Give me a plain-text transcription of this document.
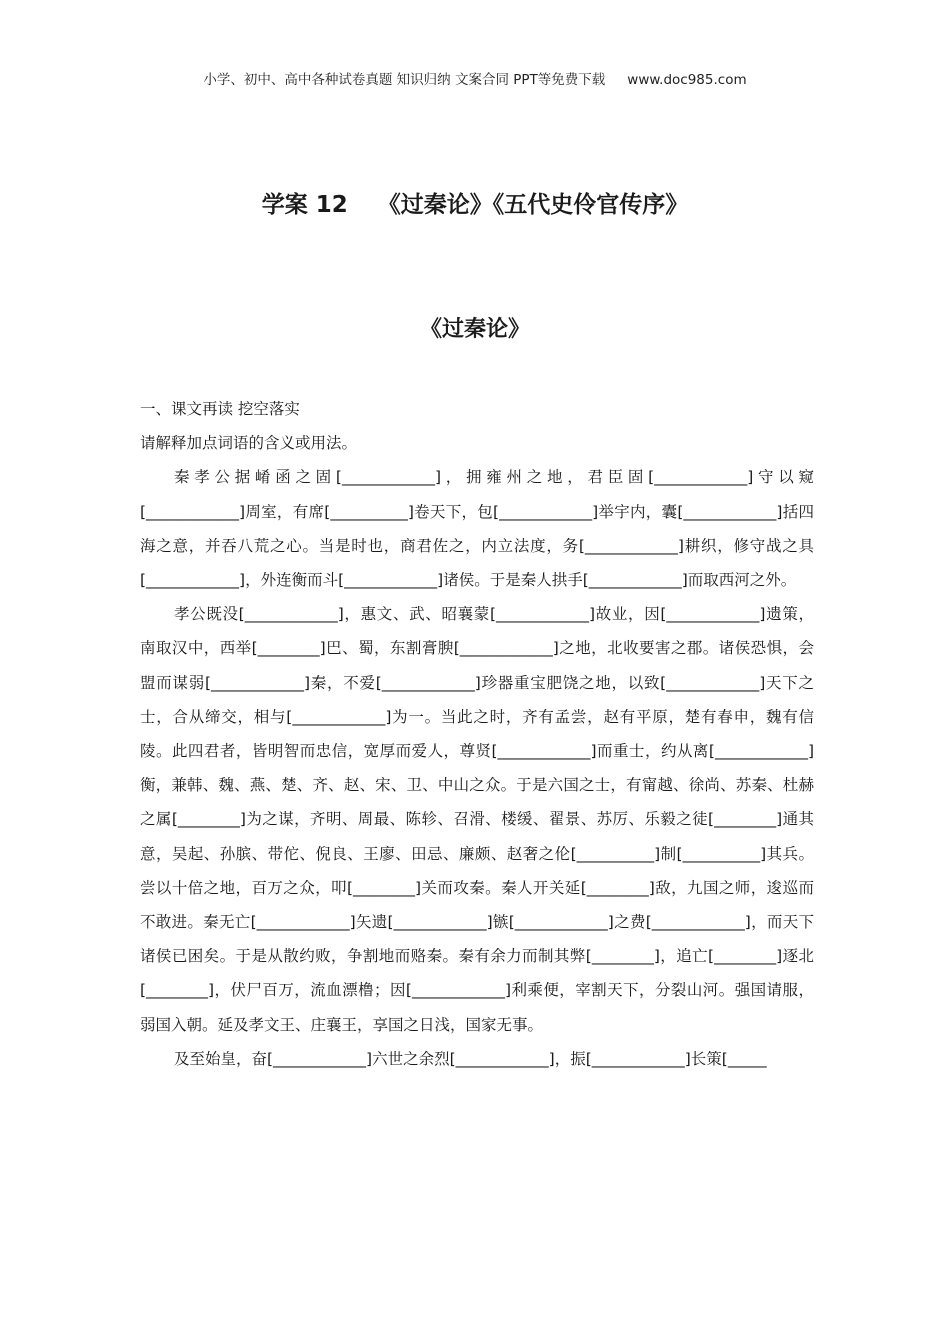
小学、初中、高中各种试卷真题 知识归纳 文案合同 PPT等免费下载 www.doc985.com
学案 12 《过秦论》《五代史伶官传序》
《过秦论》

一、课文再读 挖空落实

请解释加点词语的含义或用法。

秦孝公据崤函之固[____________]，拥雍州之地，君臣固[____________]守以窥[____________]周室，有席[__________]卷天下，包[____________]举宇内，囊[____________]括四海之意，并吞八荒之心。当是时也，商君佐之，内立法度，务[____________]耕织，修守战之具[____________]，外连衡而斗[____________]诸侯。于是秦人拱手[____________]而取西河之外。

孝公既没[____________]，惠文、武、昭襄蒙[____________]故业，因[____________]遗策，南取汉中，西举[________]巴、蜀，东割膏腴[____________]之地，北收要害之郡。诸侯恐惧，会盟而谋弱[____________]秦，不爱[____________]珍器重宝肥饶之地，以致[____________]天下之士，合从缔交，相与[____________]为一。当此之时，齐有孟尝，赵有平原，楚有春申，魏有信陵。此四君者，皆明智而忠信，宽厚而爱人，尊贤[____________]而重士，约从离[____________]衡，兼韩、魏、燕、楚、齐、赵、宋、卫、中山之众。于是六国之士，有甯越、徐尚、苏秦、杜赫之属[________]为之谋，齐明、周最、陈轸、召滑、楼缓、翟景、苏厉、乐毅之徒[________]通其意，吴起、孙膑、带佗、倪良、王廖、田忌、廉颇、赵奢之伦[__________]制[__________]其兵。尝以十倍之地，百万之众，叩[________]关而攻秦。秦人开关延[________]敌，九国之师，逡巡而不敢进。秦无亡[____________]矢遗[____________]镞[____________]之费[____________]，而天下诸侯已困矣。于是从散约败，争割地而赂秦。秦有余力而制其弊[________]，追亡[________]逐北[________]，伏尸百万，流血漂橹；因[____________]利乘便，宰割天下，分裂山河。强国请服，弱国入朝。延及孝文王、庄襄王，享国之日浅，国家无事。

及至始皇，奋[____________]六世之余烈[____________]，振[____________]长策[_____
